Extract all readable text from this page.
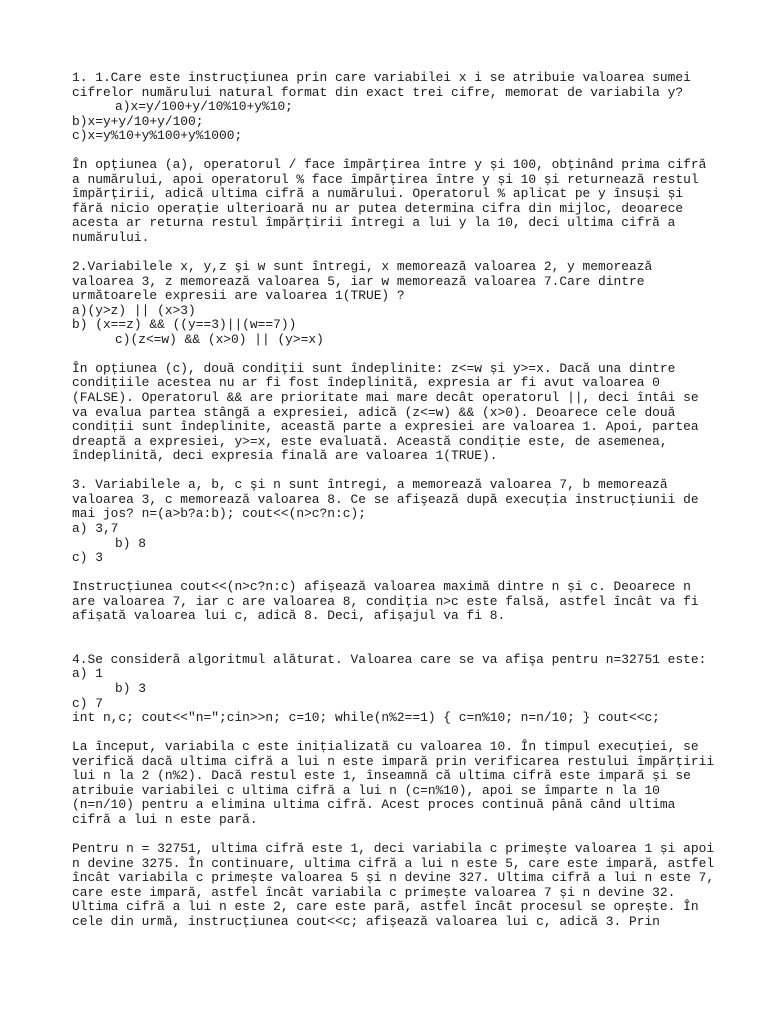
1. 1.Care este instrucțiunea prin care variabilei x i se atribuie valoarea sumei
cifrelor numărului natural format din exact trei cifre, memorat de variabila y?
a)x=y/100+y/10%10+y%10;
b)x=y+y/10+y/100;
c)x=y%10+y%100+y%1000;
În opțiunea (a), operatorul / face împărțirea între y și 100, obținând prima cifră
a numărului, apoi operatorul % face împărțirea între y și 10 și returnează restul
împărțirii, adică ultima cifră a numărului. Operatorul % aplicat pe y însuși și
fără nicio operație ulterioară nu ar putea determina cifra din mijloc, deoarece
acesta ar returna restul împărțirii întregi a lui y la 10, deci ultima cifră a
numărului.
2.Variabilele x, y,z şi w sunt întregi, x memorează valoarea 2, y memorează
valoarea 3, z memorează valoarea 5, iar w memorează valoarea 7.Care dintre
următoarele expresii are valoarea 1(TRUE) ?
a)(y>z) || (x>3)
b) (x==z) && ((y==3)||(w==7))
c)(z<=w) && (x>0) || (y>=x)
În opțiunea (c), două condiții sunt îndeplinite: z<=w și y>=x. Dacă una dintre
condițiile acestea nu ar fi fost îndeplinită, expresia ar fi avut valoarea 0
(FALSE). Operatorul && are prioritate mai mare decât operatorul ||, deci întâi se
va evalua partea stângă a expresiei, adică (z<=w) && (x>0). Deoarece cele două
condiții sunt îndeplinite, această parte a expresiei are valoarea 1. Apoi, partea
dreaptă a expresiei, y>=x, este evaluată. Această condiție este, de asemenea,
îndeplinită, deci expresia finală are valoarea 1(TRUE).
3. Variabilele a, b, c şi n sunt întregi, a memorează valoarea 7, b memorează
valoarea 3, c memorează valoarea 8. Ce se afişează după execuţia instrucţiunii de
mai jos? n=(a>b?a:b); cout<<(n>c?n:c);
a) 3,7
b) 8
c) 3
Instrucțiunea cout<<(n>c?n:c) afișează valoarea maximă dintre n și c. Deoarece n
are valoarea 7, iar c are valoarea 8, condiția n>c este falsă, astfel încât va fi
afișată valoarea lui c, adică 8. Deci, afișajul va fi 8.
4.Se consideră algoritmul alăturat. Valoarea care se va afişa pentru n=32751 este:
a) 1
b) 3
c) 7
int n,c; cout<<"n=";cin>>n; c=10; while(n%2==1) { c=n%10; n=n/10; } cout<<c;
La început, variabila c este inițializată cu valoarea 10. În timpul execuției, se
verifică dacă ultima cifră a lui n este impară prin verificarea restului împărțirii
lui n la 2 (n%2). Dacă restul este 1, înseamnă că ultima cifră este impară și se
atribuie variabilei c ultima cifră a lui n (c=n%10), apoi se împarte n la 10
(n=n/10) pentru a elimina ultima cifră. Acest proces continuă până când ultima
cifră a lui n este pară.
Pentru n = 32751, ultima cifră este 1, deci variabila c primește valoarea 1 și apoi
n devine 3275. În continuare, ultima cifră a lui n este 5, care este impară, astfel
încât variabila c primește valoarea 5 și n devine 327. Ultima cifră a lui n este 7,
care este impară, astfel încât variabila c primește valoarea 7 și n devine 32.
Ultima cifră a lui n este 2, care este pară, astfel încât procesul se oprește. În
cele din urmă, instrucțiunea cout<<c; afișează valoarea lui c, adică 3. Prin
